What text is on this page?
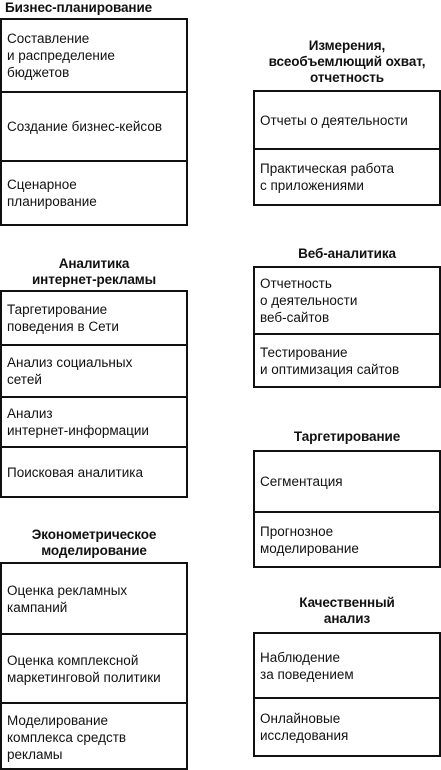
Бизнес-планирование
Составление
и распределение
бюджетов
Создание бизнес-кейсов
Сценарное
планирование
Аналитика
интернет-рекламы
Таргетирование
поведения в Сети
Анализ социальных
сетей
Анализ
интернет-информации
Поисковая аналитика
Эконометрическое
моделирование
Оценка рекламных
кампаний
Оценка комплексной
маркетинговой политики
Моделирование
комплекса средств
рекламы
Измерения,
всеобъемлющий охват,
отчетность
Отчеты о деятельности
Практическая работа
с приложениями
Веб-аналитика
Отчетность
о деятельности
веб-сайтов
Тестирование
и оптимизация сайтов
Таргетирование
Сегментация
Прогнозное
моделирование
Качественный
анализ
Наблюдение
за поведением
Онлайновые
исследования
